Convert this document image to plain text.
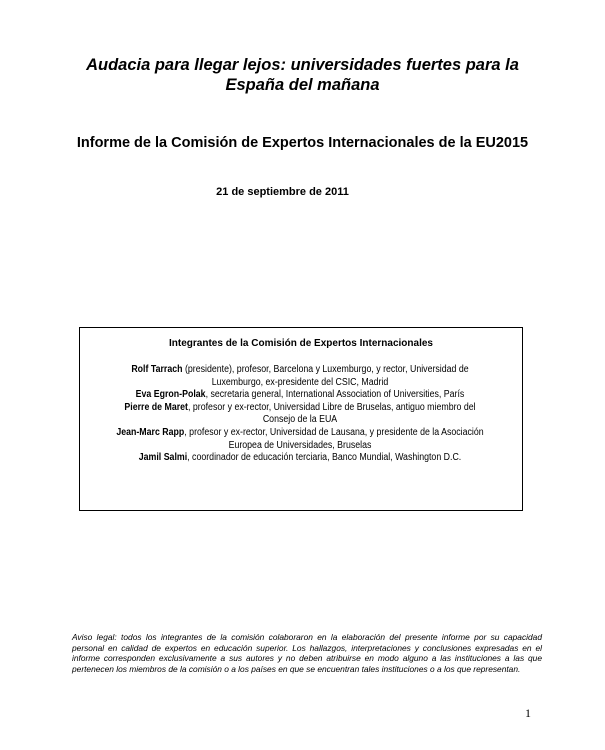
Audacia para llegar lejos: universidades fuertes para la España del mañana
Informe de la Comisión de Expertos Internacionales de la EU2015
21 de septiembre de 2011
Integrantes de la Comisión de Expertos Internacionales
Rolf Tarrach (presidente), profesor, Barcelona y Luxemburgo, y rector, Universidad de Luxemburgo, ex-presidente del CSIC, Madrid
Eva Egron-Polak, secretaria general, International Association of Universities, París
Pierre de Maret, profesor y ex-rector, Universidad Libre de Bruselas, antiguo miembro del Consejo de la EUA
Jean-Marc Rapp, profesor y ex-rector, Universidad de Lausana, y presidente de la Asociación Europea de Universidades, Bruselas
Jamil Salmi, coordinador de educación terciaria, Banco Mundial, Washington D.C.
Aviso legal: todos los integrantes de la comisión colaboraron en la elaboración del presente informe por su capacidad personal en calidad de expertos en educación superior. Los hallazgos, interpretaciones y conclusiones expresadas en el informe corresponden exclusivamente a sus autores y no deben atribuirse en modo alguno a las instituciones a las que pertenecen los miembros de la comisión o a los países en que se encuentran tales instituciones o a los que representan.
1
